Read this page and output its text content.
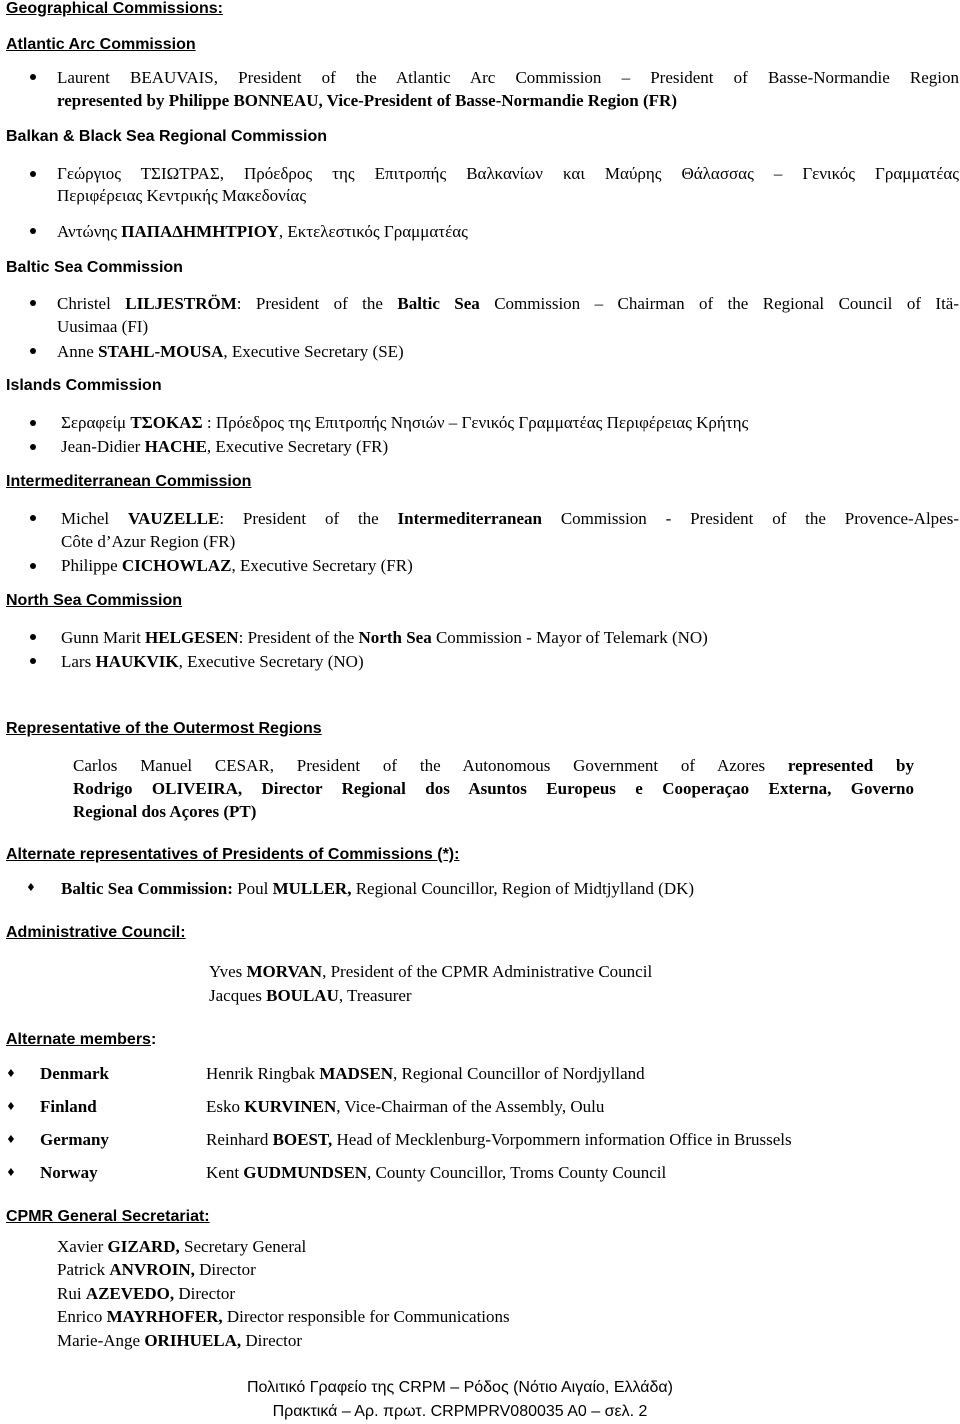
Geographical Commissions:
Atlantic Arc Commission
Laurent BEAUVAIS, President of the Atlantic Arc Commission – President of Basse-Normandie Region
represented by Philippe BONNEAU, Vice-President of Basse-Normandie Region (FR)
Balkan & Black Sea Regional Commission
Γεώργιος ΤΣΙΩΤΡΑΣ, Πρόεδρος της Επιτροπής Βαλκανίων και Μαύρης Θάλασσας – Γενικός Γραμματέας
Περιφέρειας Κεντρικής Μακεδονίας
Αντώνης ΠΑΠΑΔΗΜΗΤΡΙΟΥ, Εκτελεστικός Γραμματέας
Baltic Sea Commission
Christel LILJESTRÖM: President of the Baltic Sea Commission – Chairman of the Regional Council of Itä-
Uusimaa (FI)
Anne STAHL-MOUSA, Executive Secretary (SE)
Islands Commission
Σεραφείμ ΤΣΟΚΑΣ : Πρόεδρος της Επιτροπής Νησιών – Γενικός Γραμματέας Περιφέρειας Κρήτης
Jean-Didier HACHE, Executive Secretary (FR)
Intermediterranean Commission
Michel VAUZELLE: President of the Intermediterranean Commission - President of the Provence-Alpes-
Côte d’Azur Region (FR)
Philippe CICHOWLAZ, Executive Secretary (FR)
North Sea Commission
Gunn Marit HELGESEN: President of the North Sea Commission - Mayor of Telemark (NO)
Lars HAUKVIK, Executive Secretary (NO)
Representative of the Outermost Regions
Carlos Manuel CESAR, President of the Autonomous Government of Azores represented by
Rodrigo OLIVEIRA, Director Regional dos Asuntos Europeus e Cooperaçao Externa, Governo
Regional dos Açores (PT)
Alternate representatives of Presidents of Commissions (*):
♦ Baltic Sea Commission: Poul MULLER, Regional Councillor, Region of Midtjylland (DK)
Administrative Council:
Yves MORVAN, President of the CPMR Administrative Council
Jacques BOULAU, Treasurer
Alternate members:
♦ Denmark	Henrik Ringbak MADSEN, Regional Councillor of Nordjylland
♦ Finland	Esko KURVINEN, Vice-Chairman of the Assembly, Oulu
♦ Germany	Reinhard BOEST, Head of Mecklenburg-Vorpommern information Office in Brussels
♦ Norway	Kent GUDMUNDSEN, County Councillor, Troms County Council
CPMR General Secretariat:
Xavier GIZARD, Secretary General
Patrick ANVROIN, Director
Rui AZEVEDO, Director
Enrico MAYRHOFER, Director responsible for Communications
Marie-Ange ORIHUELA, Director
Πολιτικό Γραφείο της CRPM – Ρόδος (Νότιο Αιγαίο, Ελλάδα)
Πρακτικά – Αρ. πρωτ. CRPMPRV080035 A0 – σελ. 2
